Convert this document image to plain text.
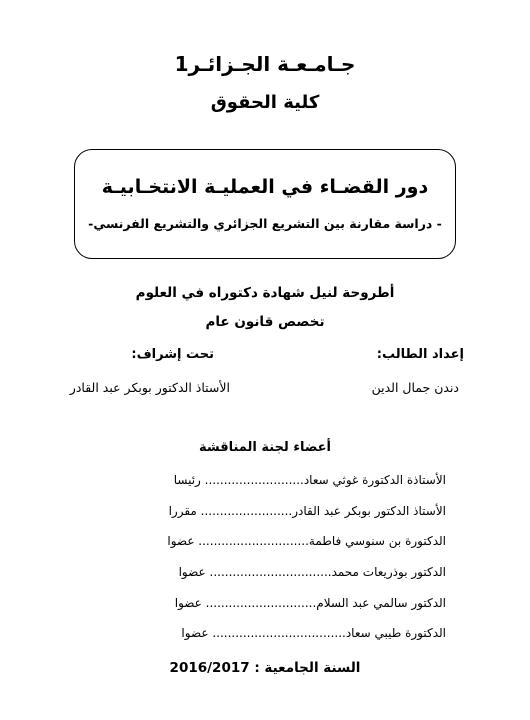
جـامـعـة الجـزائـر1
كلية الحقوق
دور القضـاء في العمليـة الانتخـابيـة
- دراسة مقارنة بين التشريع الجزائري والتشريع الفرنسي-
أطروحة لنيل شهادة دكتوراه في العلوم
تخصص قانون عام
إعداد الطالب:
تحت إشراف:
دندن جمال الدين
الأستاذ الدكتور بوبكر عبد القادر
أعضاء لجنة المناقشة
الأستاذة الدكتورة غوثي سعاد.......................... رئيسا
الأستاذ الدكتور بوبكر عبد القادر........................ مقررا
الدكتورة بن سنوسي فاطمة............................. عضوا
الدكتور بوذريعات محمد................................ عضوا
الدكتور سالمي عبد السلام............................. عضوا
الدكتورة طيبي سعاد................................... عضوا
السنة الجامعية : 2016/2017
